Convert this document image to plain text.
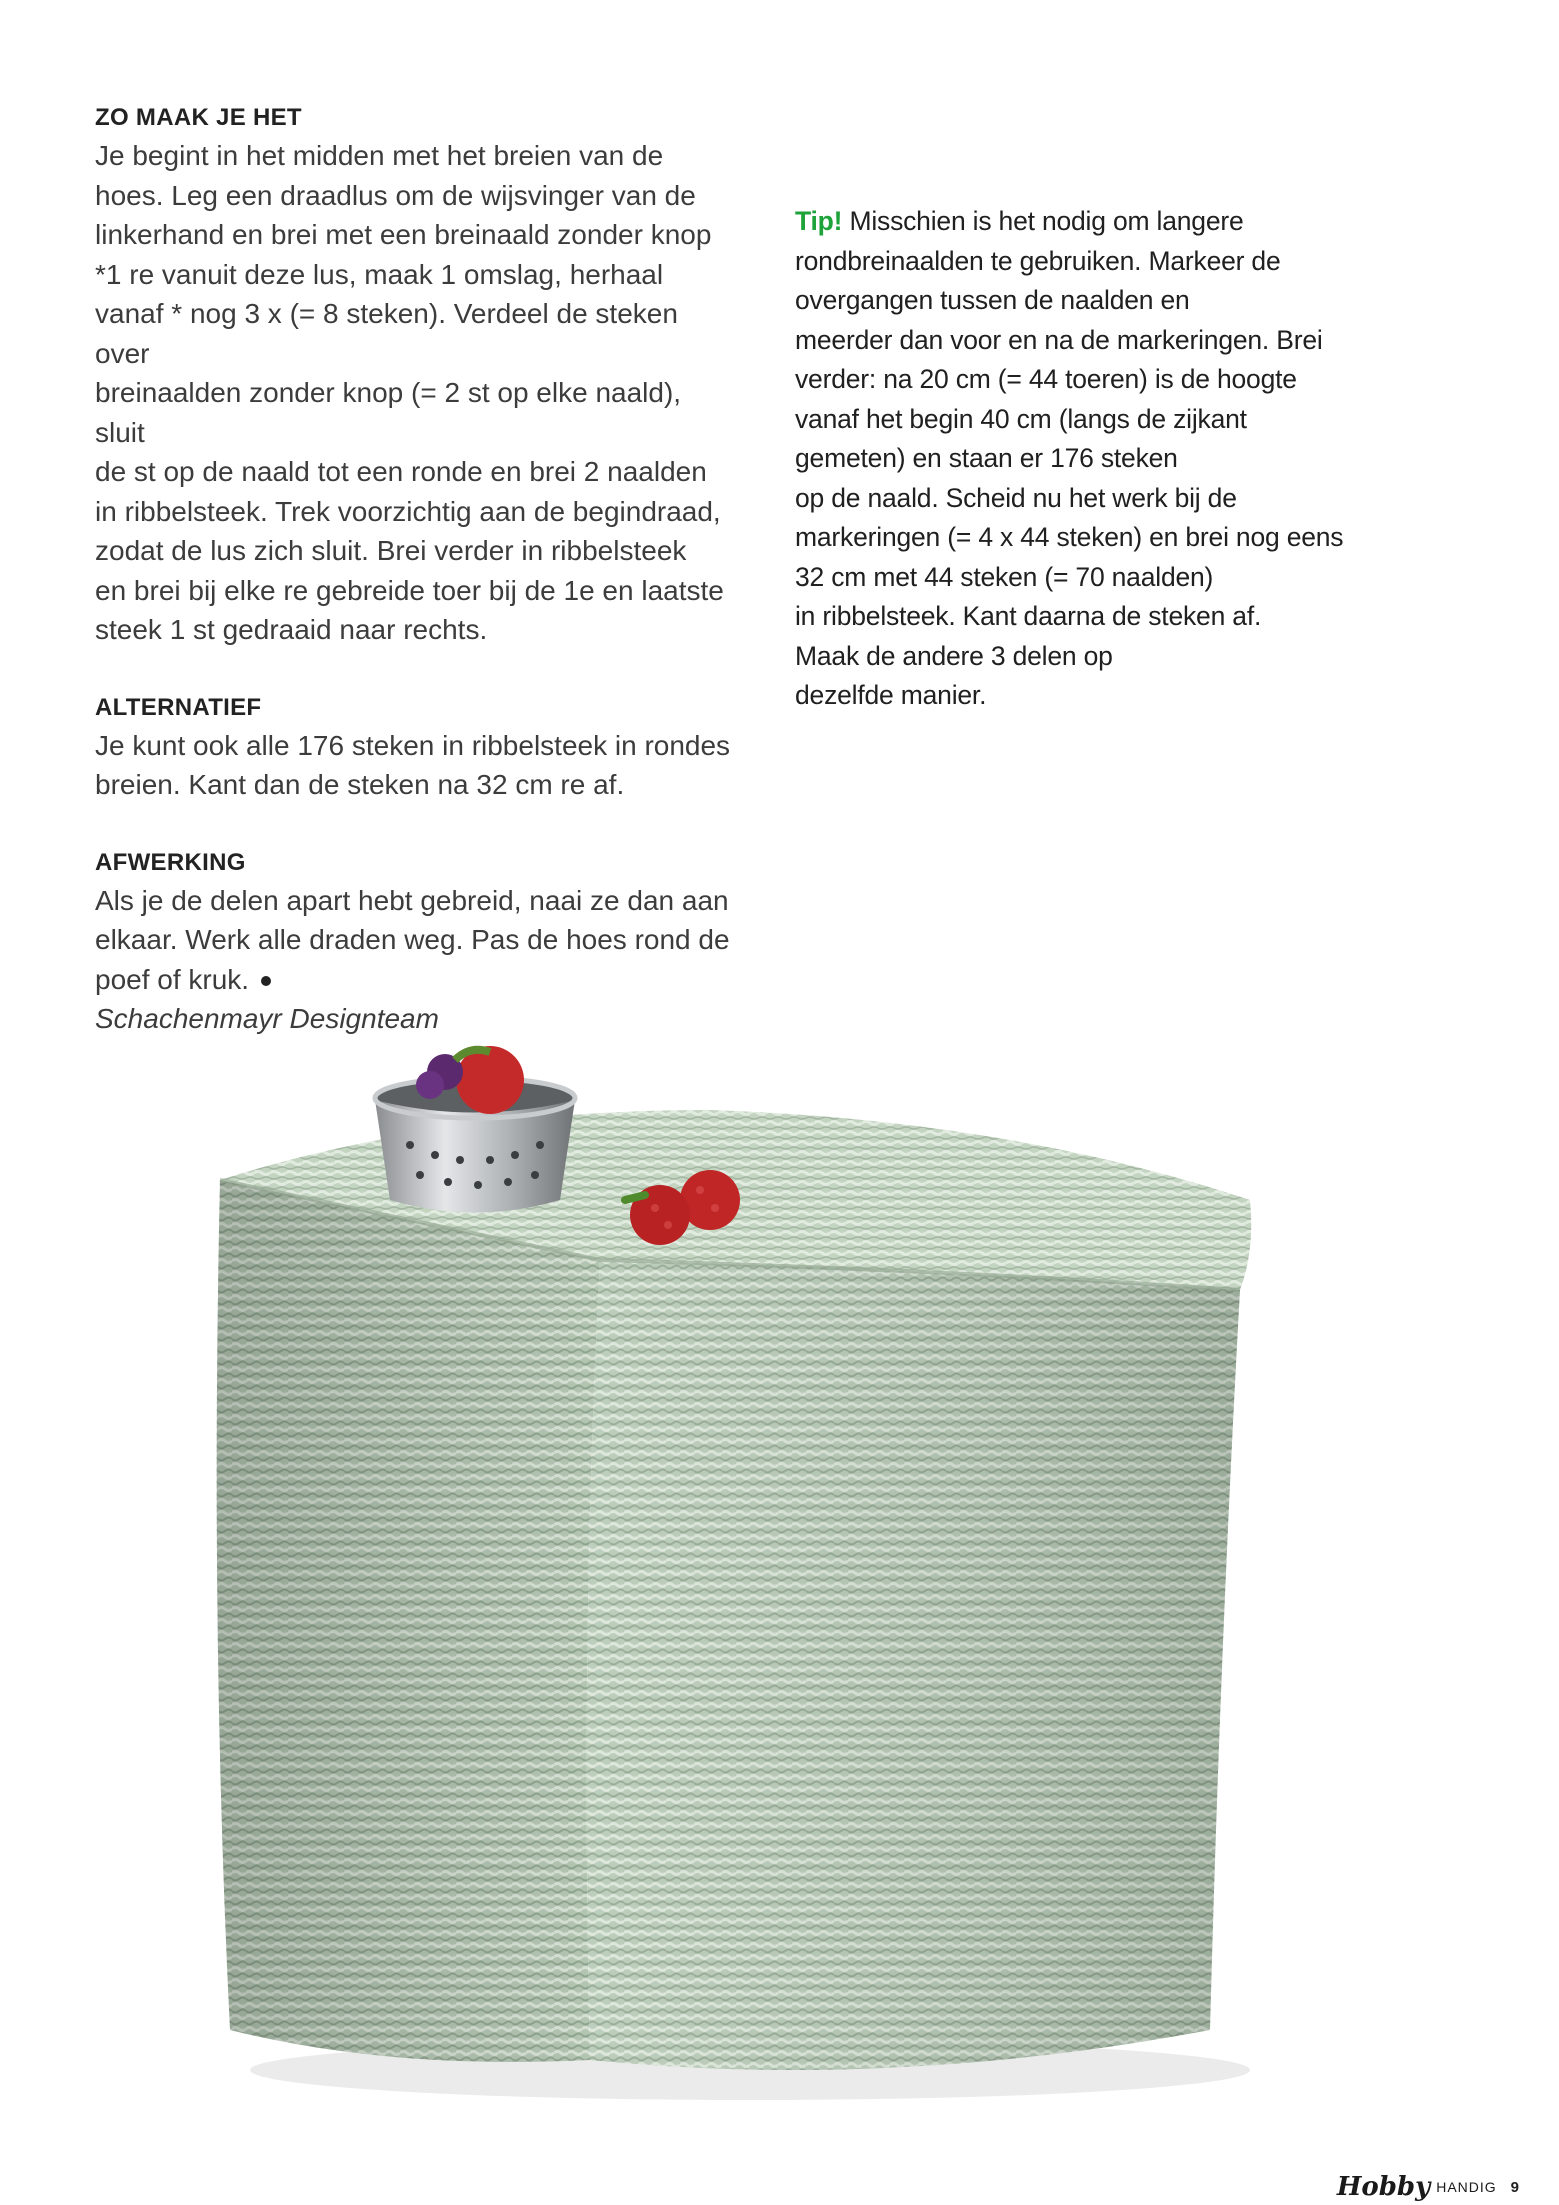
ZO MAAK JE HET

Je begint in het midden met het breien van de
hoes. Leg een draadlus om de wijsvinger van de
linkerhand en brei met een breinaald zonder knop
*1 re vanuit deze lus, maak 1 omslag, herhaal
vanaf * nog 3 x (= 8 steken). Verdeel de steken over
breinaalden zonder knop (= 2 st op elke naald), sluit
de st op de naald tot een ronde en brei 2 naalden
in ribbelsteek. Trek voorzichtig aan de begindraad,
zodat de lus zich sluit. Brei verder in ribbelsteek
en brei bij elke re gebreide toer bij de 1e en laatste
steek 1 st gedraaid naar rechts.

ALTERNATIEF

Je kunt ook alle 176 steken in ribbelsteek in rondes
breien. Kant dan de steken na 32 cm re af.

AFWERKING

Als je de delen apart hebt gebreid, naai ze dan aan
elkaar. Werk alle draden weg. Pas de hoes rond de
poef of kruk.

Schachenmayr Designteam

Tip! Misschien is het nodig om langere
rondbreinaalden te gebruiken. Markeer de
overgangen tussen de naalden en
meerder dan voor en na de markeringen. Brei
verder: na 20 cm (= 44 toeren) is de hoogte
vanaf het begin 40 cm (langs de zijkant
gemeten) en staan er 176 steken
op de naald. Scheid nu het werk bij de
markeringen (= 4 x 44 steken) en brei nog eens
32 cm met 44 steken (= 70 naalden)
in ribbelsteek. Kant daarna de steken af.
Maak de andere 3 delen op
dezelfde manier.
Hobby HANDIG 9
